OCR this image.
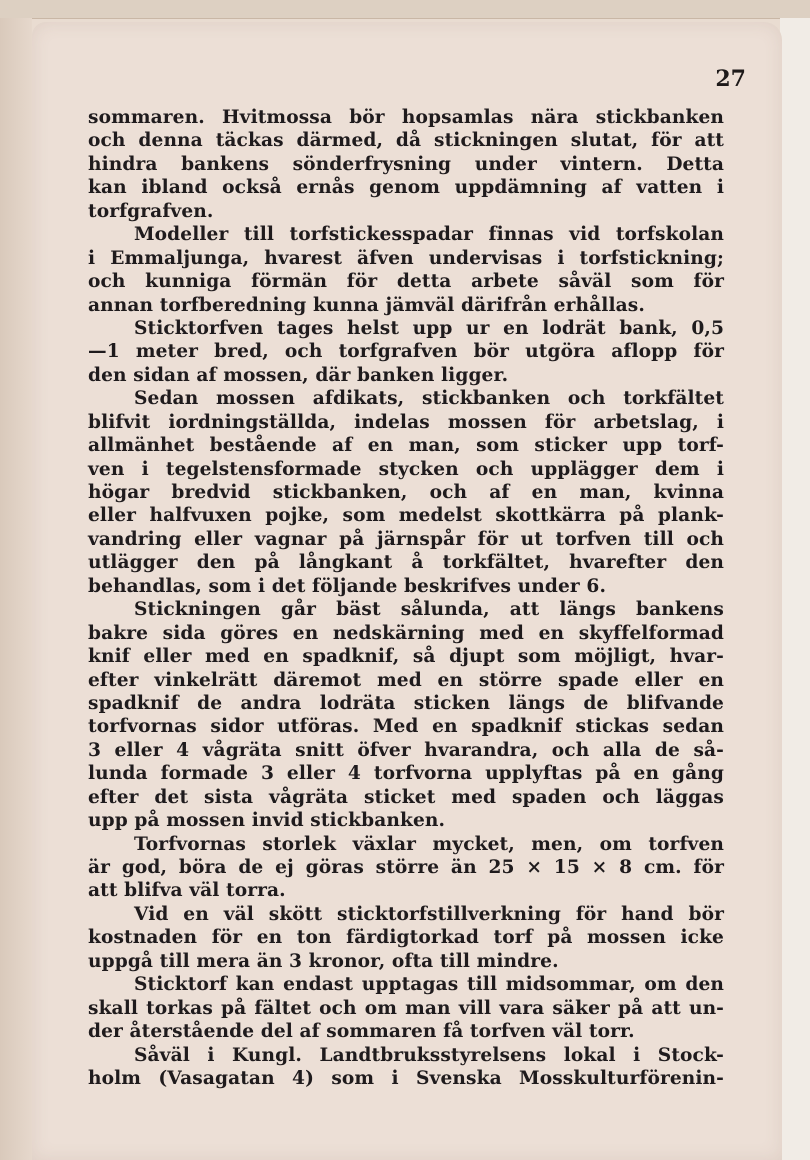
27
sommaren. Hvitmossa bör hopsamlas nära stickbanken
och denna täckas därmed, då stickningen slutat, för att
hindra bankens sönderfrysning under vintern. Detta
kan ibland också ernås genom uppdämning af vatten i
torfgrafven.
Modeller till torfstickesspadar finnas vid torfskolan
i Emmaljunga, hvarest äfven undervisas i torfstickning;
och kunniga förmän för detta arbete såväl som för
annan torfberedning kunna jämväl därifrån erhållas.
Sticktorfven tages helst upp ur en lodrät bank, 0,5
—1 meter bred, och torfgrafven bör utgöra aflopp för
den sidan af mossen, där banken ligger.
Sedan mossen afdikats, stickbanken och torkfältet
blifvit iordningställda, indelas mossen för arbetslag, i
allmänhet bestående af en man, som sticker upp torf-
ven i tegelstensformade stycken och upplägger dem i
högar bredvid stickbanken, och af en man, kvinna
eller halfvuxen pojke, som medelst skottkärra på plank-
vandring eller vagnar på järnspår för ut torfven till och
utlägger den på långkant å torkfältet, hvarefter den
behandlas, som i det följande beskrifves under 6.
Stickningen går bäst sålunda, att längs bankens
bakre sida göres en nedskärning med en skyffelformad
knif eller med en spadknif, så djupt som möjligt, hvar-
efter vinkelrätt däremot med en större spade eller en
spadknif de andra lodräta sticken längs de blifvande
torfvornas sidor utföras. Med en spadknif stickas sedan
3 eller 4 vågräta snitt öfver hvarandra, och alla de så-
lunda formade 3 eller 4 torfvorna upplyftas på en gång
efter det sista vågräta sticket med spaden och läggas
upp på mossen invid stickbanken.
Torfvornas storlek växlar mycket, men, om torfven
är god, böra de ej göras större än 25 × 15 × 8 cm. för
att blifva väl torra.
Vid en väl skött sticktorfstillverkning för hand bör
kostnaden för en ton färdigtorkad torf på mossen icke
uppgå till mera än 3 kronor, ofta till mindre.
Sticktorf kan endast upptagas till midsommar, om den
skall torkas på fältet och om man vill vara säker på att un-
der återstående del af sommaren få torfven väl torr.
Såväl i Kungl. Landtbruksstyrelsens lokal i Stock-
holm (Vasagatan 4) som i Svenska Mosskulturförenin-
